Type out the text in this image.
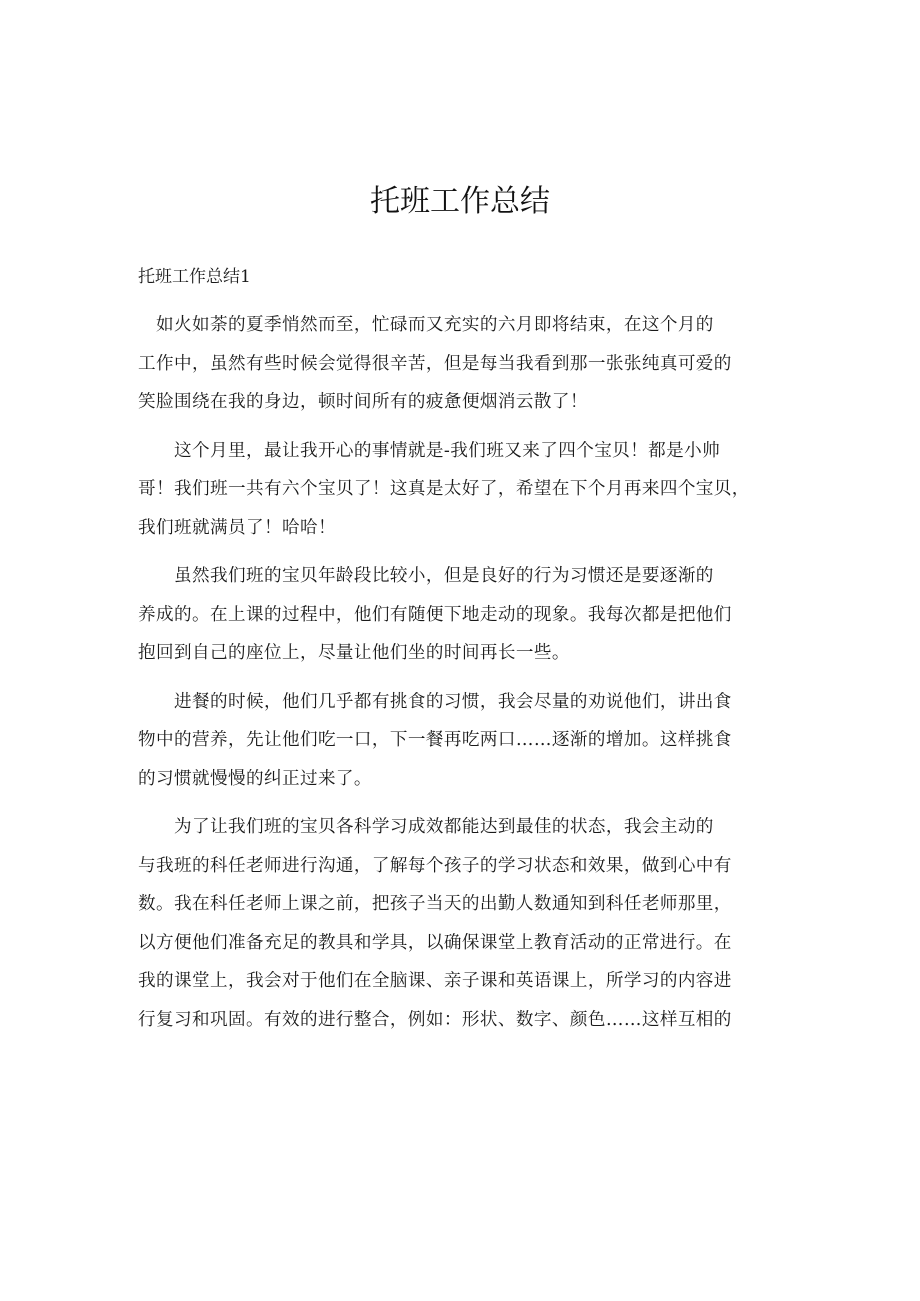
托班工作总结
托班工作总结1
　如火如荼的夏季悄然而至，忙碌而又充实的六月即将结束，在这个月的
工作中，虽然有些时候会觉得很辛苦，但是每当我看到那一张张纯真可爱的
笑脸围绕在我的身边，顿时间所有的疲惫便烟消云散了！
　　这个月里，最让我开心的事情就是-我们班又来了四个宝贝！都是小帅
哥！我们班一共有六个宝贝了！这真是太好了，希望在下个月再来四个宝贝，
我们班就满员了！哈哈！
　　虽然我们班的宝贝年龄段比较小，但是良好的行为习惯还是要逐渐的
养成的。在上课的过程中，他们有随便下地走动的现象。我每次都是把他们
抱回到自己的座位上，尽量让他们坐的时间再长一些。
　　进餐的时候，他们几乎都有挑食的习惯，我会尽量的劝说他们，讲出食
物中的营养，先让他们吃一口，下一餐再吃两口……逐渐的增加。这样挑食
的习惯就慢慢的纠正过来了。
　　为了让我们班的宝贝各科学习成效都能达到最佳的状态，我会主动的
与我班的科任老师进行沟通，了解每个孩子的学习状态和效果，做到心中有
数。我在科任老师上课之前，把孩子当天的出勤人数通知到科任老师那里，
以方便他们准备充足的教具和学具，以确保课堂上教育活动的正常进行。在
我的课堂上，我会对于他们在全脑课、亲子课和英语课上，所学习的内容进
行复习和巩固。有效的进行整合，例如：形状、数字、颜色……这样互相的
